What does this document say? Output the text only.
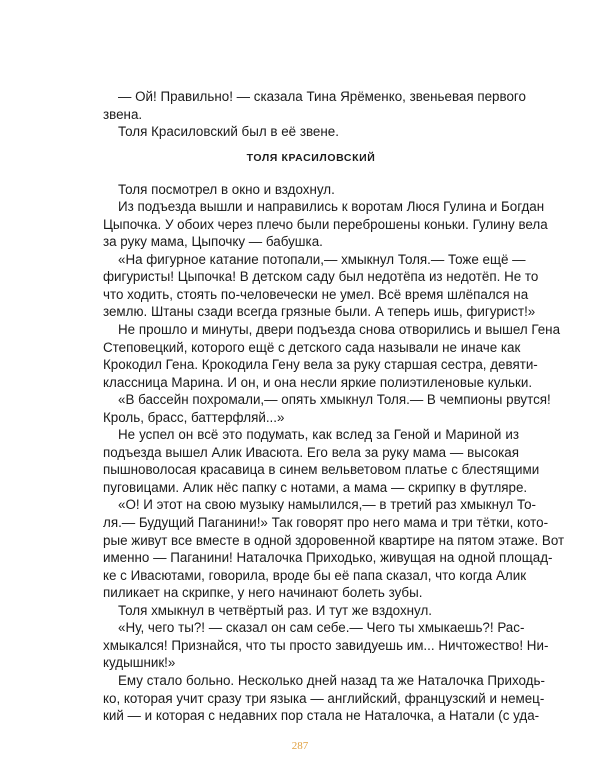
— Ой! Правильно! — сказала Тина Ярёменко, звеньевая первого
звена.
Толя Красиловский был в её звене.
ТОЛЯ КРАСИЛОВСКИЙ
Толя посмотрел в окно и вздохнул.
Из подъезда вышли и направились к воротам Люся Гулина и Богдан
Цыпочка. У обоих через плечо были переброшены коньки. Гулину вела
за руку мама, Цыпочку — бабушка.
«На фигурное катание потопали,— хмыкнул Толя.— Тоже ещё —
фигуристы! Цыпочка! В детском саду был недотёпа из недотёп. Не то
что ходить, стоять по-человечески не умел. Всё время шлёпался на
землю. Штаны сзади всегда грязные были. А теперь ишь, фигурист!»
Не прошло и минуты, двери подъезда снова отворились и вышел Гена
Степовецкий, которого ещё с детского сада называли не иначе как
Крокодил Гена. Крокодила Гену вела за руку старшая сестра, девяти-
классница Марина. И он, и она несли яркие полиэтиленовые кульки.
«В бассейн похромали,— опять хмыкнул Толя.— В чемпионы рвутся!
Кроль, брасс, баттерфляй...»
Не успел он всё это подумать, как вслед за Геной и Мариной из
подъезда вышел Алик Ивасюта. Его вела за руку мама — высокая
пышноволосая красавица в синем вельветовом платье с блестящими
пуговицами. Алик нёс папку с нотами, а мама — скрипку в футляре.
«О! И этот на свою музыку намылился,— в третий раз хмыкнул То-
ля.— Будущий Паганини!» Так говорят про него мама и три тётки, кото-
рые живут все вместе в одной здоровенной квартире на пятом этаже. Вот
именно — Паганини! Наталочка Приходько, живущая на одной площад-
ке с Ивасютами, говорила, вроде бы её папа сказал, что когда Алик
пиликает на скрипке, у него начинают болеть зубы.
Толя хмыкнул в четвёртый раз. И тут же вздохнул.
«Ну, чего ты?! — сказал он сам себе.— Чего ты хмыкаешь?! Рас-
хмыкался! Признайся, что ты просто завидуешь им... Ничтожество! Ни-
кудышник!»
Ему стало больно. Несколько дней назад та же Наталочка Приходь-
ко, которая учит сразу три языка — английский, французский и немец-
кий — и которая с недавних пор стала не Наталочка, а Натали (с уда-
287
